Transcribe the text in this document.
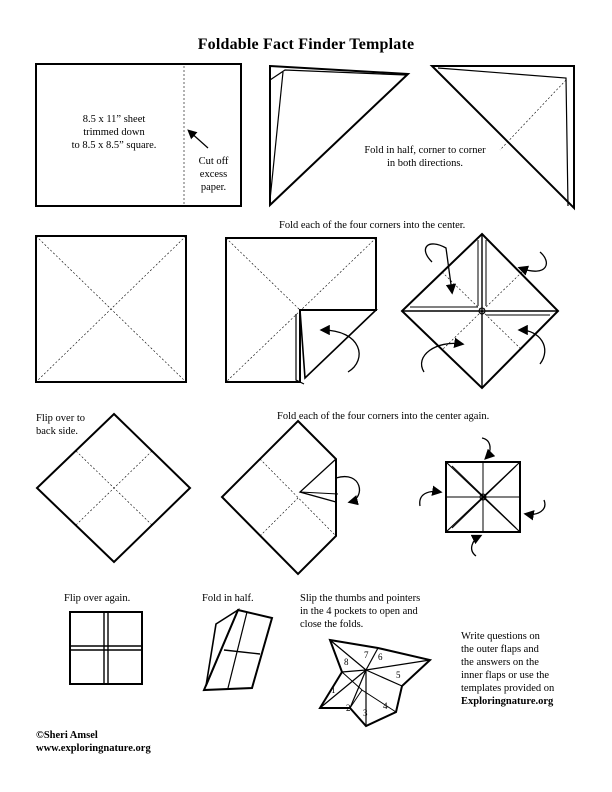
Foldable Fact Finder Template
8.5 x 11” sheet
trimmed down
to 8.5 x 8.5” square.
Cut off
excess
paper.
Fold in half, corner to corner
in both directions.
Fold each of the four corners into the center.
Flip over to
back side.
Fold each of the four corners into the center again.
Flip over again.	Fold in half.	Slip the thumbs and pointers
in the 4 pockets to open and
close the folds.
1
2 3
4
5
6
7
8
Write questions on
the outer flaps and
the answers on the
inner flaps or use the
templates provided on
Exploringnature.org
©Sheri Amsel
www.exploringnature.org
